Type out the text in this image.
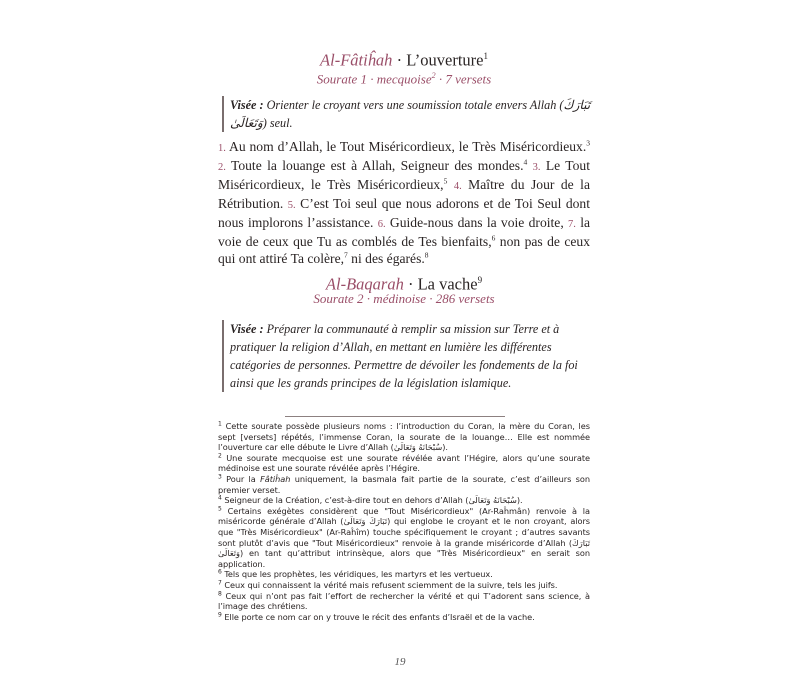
Al-Fâtiĥah · L’ouverture$^1$
Sourate 1 · mecquoise$^2$ · 7 versets
Visée : Orienter le croyant vers une soumission totale envers Allah (تَبَارَكَ وَتَعَالَىٰ) seul.
1. Au nom d’Allah, le Tout Miséricordieux, le Très Miséricordieux.$^3$ 2. Toute la louange est à Allah, Seigneur des mondes.$^4$ 3. Le Tout Miséricordieux, le Très Miséricordieux,$^5$ 4. Maître du Jour de la Rétribution. 5. C’est Toi seul que nous adorons et de Toi Seul dont nous implorons l’assistance. 6. Guide-nous dans la voie droite, 7. la voie de ceux que Tu as comblés de Tes bienfaits,$^6$ non pas de ceux qui ont attiré Ta colère,$^7$ ni des égarés.$^8$
Al-Baqarah · La vache$^9$
Sourate 2 · médinoise · 286 versets
Visée : Préparer la communauté à remplir sa mission sur Terre et à pratiquer la religion d’Allah, en mettant en lumière les différentes catégories de personnes. Permettre de dévoiler les fondements de la foi ainsi que les grands principes de la législation islamique.

$^1$ Cette sourate possède plusieurs noms : l’introduction du Coran, la mère du Coran, les sept [versets] répétés, l’immense Coran, la sourate de la louange… Elle est nommée l’ouverture car elle débute le Livre d’Allah (سُبْحَانَهُ وَتَعَالَىٰ).

$^2$ Une sourate mecquoise est une sourate révélée avant l’Hégire, alors qu’une sourate médinoise est une sourate révélée après l’Hégire.

$^3$ Pour la Fâtiĥah uniquement, la basmala fait partie de la sourate, c’est d’ailleurs son premier verset.

$^4$ Seigneur de la Création, c’est-à-dire tout en dehors d’Allah (سُبْحَانَهُ وَتَعَالَىٰ).

$^5$ Certains exégètes considèrent que "Tout Miséricordieux" (Ar-Raĥmân) renvoie à la miséricorde générale d’Allah (تَبَارَكَ وَتَعَالَىٰ) qui englobe le croyant et le non croyant, alors que "Très Miséricordieux" (Ar-Raĥîm) touche spécifiquement le croyant ; d’autres savants sont plutôt d’avis que "Tout Miséricordieux" renvoie à la grande miséricorde d’Allah (تَبَارَكَ وَتَعَالَىٰ) en tant qu’attribut intrinsèque, alors que "Très Miséricordieux" en serait son application.

$^6$ Tels que les prophètes, les véridiques, les martyrs et les vertueux.

$^7$ Ceux qui connaissent la vérité mais refusent sciemment de la suivre, tels les juifs.

$^8$ Ceux qui n’ont pas fait l’effort de rechercher la vérité et qui T’adorent sans science, à l’image des chrétiens.

$^9$ Elle porte ce nom car on y trouve le récit des enfants d’Israël et de la vache.

19
